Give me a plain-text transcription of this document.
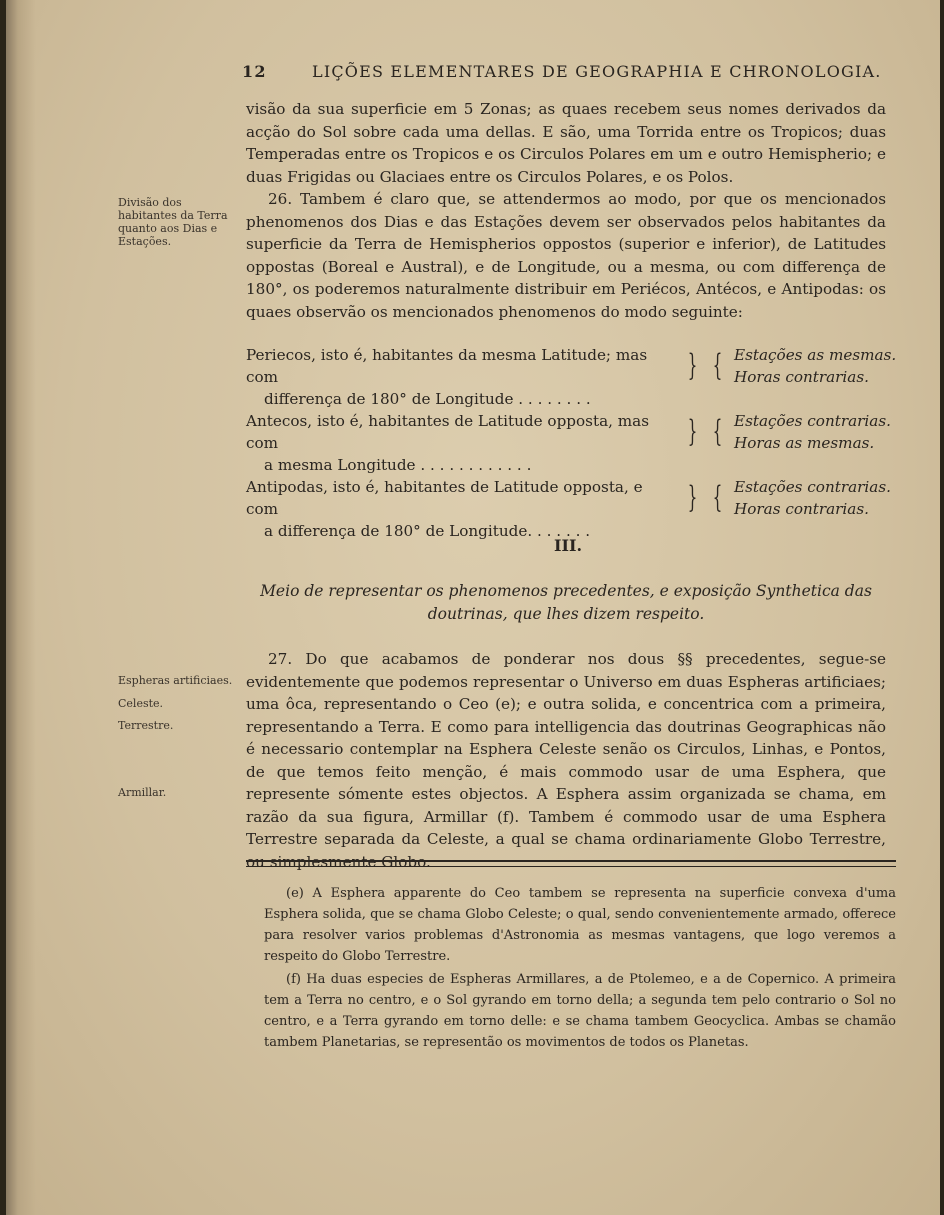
12	LIÇÕES ELEMENTARES DE GEOGRAPHIA E CHRONOLOGIA.
Divisão dos habitantes da Terra quanto aos Dias e Estações.
Espheras artificiaes.
Celeste.
Terrestre.
Armillar.

visão da sua superficie em 5 Zonas; as quaes recebem seus nomes derivados da acção do Sol sobre cada uma dellas. E são, uma Torrida entre os Tropicos; duas Temperadas entre os Tropicos e os Circulos Polares em um e outro Hemispherio; e duas Frigidas ou Glaciaes entre os Circulos Polares, e os Polos.

26. Tambem é claro que, se attendermos ao modo, por que os mencionados phenomenos dos Dias e das Estações devem ser observados pelos habitantes da superficie da Terra de Hemispherios oppostos (superior e inferior), de Latitudes oppostas (Boreal e Austral), e de Longitude, ou a mesma, ou com differença de 180°, os poderemos naturalmente distribuir em Periécos, Antécos, e Antipodas: os quaes observão os mencionados phenomenos do modo seguinte:

Periecos, isto é, habitantes da mesma Latitude; mas com
differença de 180° de Longitude . . . . . . . .
} { Estações as mesmas.
Horas contrarias.
Antecos, isto é, habitantes de Latitude opposta, mas com
a mesma Longitude . . . . . . . . . . . .
} { Estações contrarias.
Horas as mesmas.
Antipodas, isto é, habitantes de Latitude opposta, e com
a differença de 180° de Longitude. . . . . . .
} { Estações contrarias.
Horas contrarias.
III.
Meio de representar os phenomenos precedentes, e exposição Synthetica das doutrinas, que lhes dizem respeito.

27. Do que acabamos de ponderar nos dous §§ precedentes, segue-se evidentemente que podemos representar o Universo em duas Espheras artificiaes; uma ôca, representando o Ceo (e); e outra solida, e concentrica com a primeira, representando a Terra. E como para intelligencia das doutrinas Geographicas não é necessario contemplar na Esphera Celeste senão os Circulos, Linhas, e Pontos, de que temos feito menção, é mais commodo usar de uma Esphera, que represente sómente estes objectos. A Esphera assim organizada se chama, em razão da sua figura, Armillar (f). Tambem é commodo usar de uma Esphera Terrestre separada da Celeste, a qual se chama ordinariamente Globo Terrestre, ou simplesmente Globo.

(e) A Esphera apparente do Ceo tambem se representa na superficie convexa d'uma Esphera solida, que se chama Globo Celeste; o qual, sendo convenientemente armado, offerece para resolver varios problemas d'Astronomia as mesmas vantagens, que logo veremos a respeito do Globo Terrestre.

(f) Ha duas especies de Espheras Armillares, a de Ptolemeo, e a de Copernico. A primeira tem a Terra no centro, e o Sol gyrando em torno della; a segunda tem pelo contrario o Sol no centro, e a Terra gyrando em torno delle: e se chama tambem Geocyclica. Ambas se chamão tambem Planetarias, se representão os movimentos de todos os Planetas.
